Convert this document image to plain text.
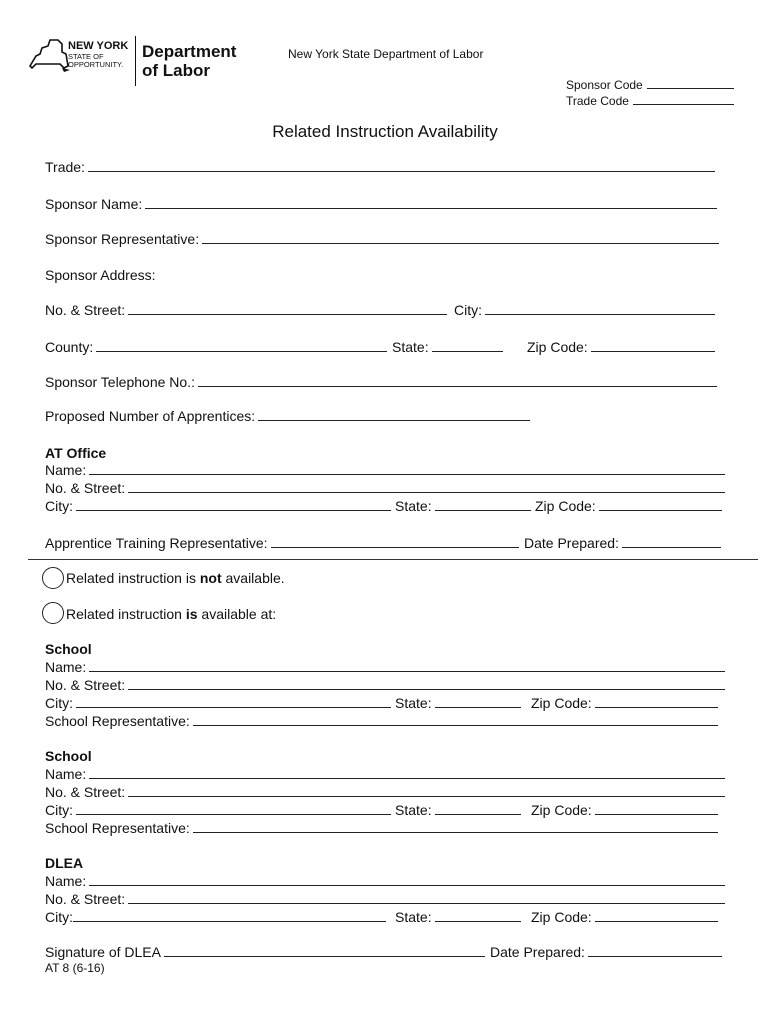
NEW YORK
STATE OF
OPPORTUNITY.
Department
of Labor
New York State Department of Labor
Sponsor Code
Trade Code
Related Instruction Availability
Trade:
Sponsor Name:
Sponsor Representative:
Sponsor Address:
No. & Street:	City:
County:	State:	Zip Code:
Sponsor Telephone No.:
Proposed Number of Apprentices:
AT Office
Name:
No. & Street:
City:	State:	Zip Code:
Apprentice Training Representative:	Date Prepared:
Related instruction is not available.
Related instruction is available at:
School
Name:
No. & Street:
City:	State:	Zip Code:
School Representative:
School
Name:
No. & Street:
City:	State:	Zip Code:
School Representative:
DLEA
Name:
No. & Street:
City:	State:	Zip Code:
Signature of DLEA	Date Prepared:
AT 8 (6-16)
